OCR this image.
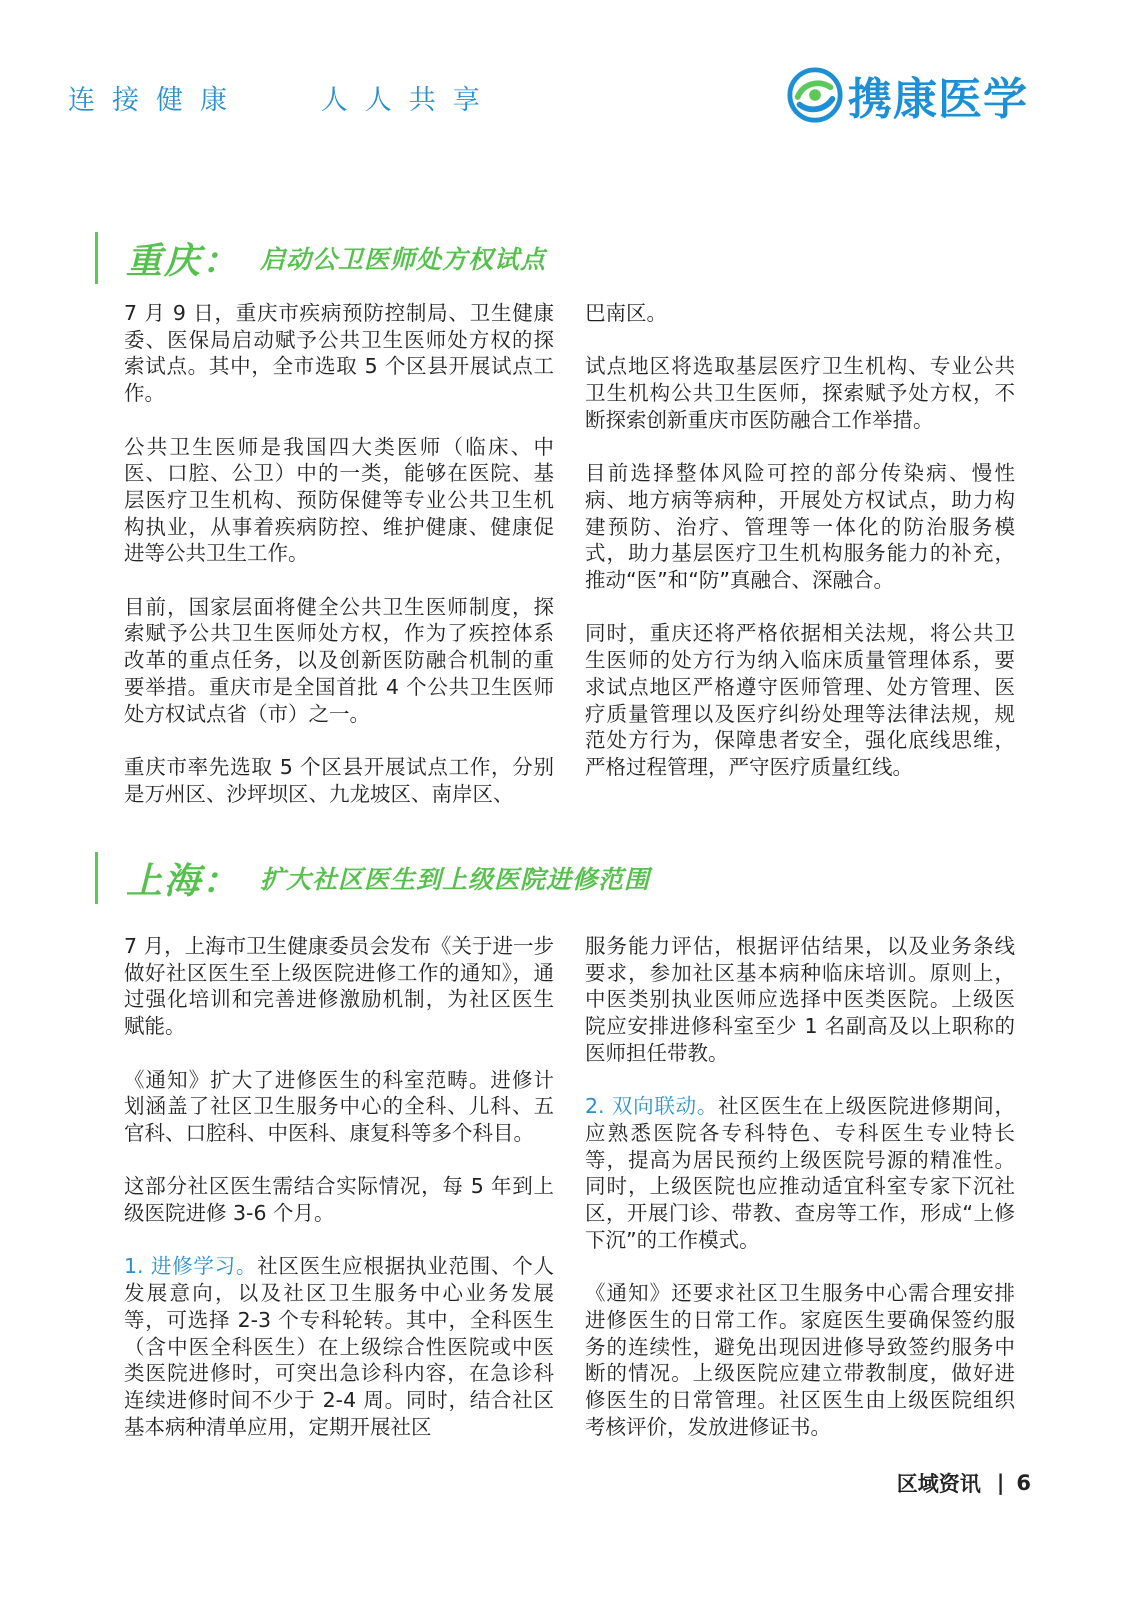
连接健康   人人共享	携康医学
重庆 ： 启动公卫医师处方权试点

7 月 9 日，重庆市疾病预防控制局、卫生健康委、医保局启动赋予公共卫生医师处方权的探索试点。其中，全市选取 5 个区县开展试点工作。

公共卫生医师是我国四大类医师（临床、中医、口腔、公卫）中的一类，能够在医院、基层医疗卫生机构、预防保健等专业公共卫生机构执业，从事着疾病防控、维护健康、健康促进等公共卫生工作。

目前，国家层面将健全公共卫生医师制度，探索赋予公共卫生医师处方权，作为了疾控体系改革的重点任务，以及创新医防融合机制的重要举措。重庆市是全国首批 4 个公共卫生医师处方权试点省（市）之一。

重庆市率先选取 5 个区县开展试点工作，分别是万州区、沙坪坝区、九龙坡区、南岸区、

巴南区。

试点地区将选取基层医疗卫生机构、专业公共卫生机构公共卫生医师，探索赋予处方权，不断探索创新重庆市医防融合工作举措。

目前选择整体风险可控的部分传染病、慢性病、地方病等病种，开展处方权试点，助力构建预防、治疗、管理等一体化的防治服务模式，助力基层医疗卫生机构服务能力的补充，推动“医”和“防”真融合、深融合。

同时，重庆还将严格依据相关法规，将公共卫生医师的处方行为纳入临床质量管理体系，要求试点地区严格遵守医师管理、处方管理、医疗质量管理以及医疗纠纷处理等法律法规，规范处方行为，保障患者安全，强化底线思维，严格过程管理，严守医疗质量红线。

上海 ： 扩大社区医生到上级医院进修范围

7 月，上海市卫生健康委员会发布《关于进一步做好社区医生至上级医院进修工作的通知》，通过强化培训和完善进修激励机制，为社区医生赋能。

《通知》扩大了进修医生的科室范畴。进修计划涵盖了社区卫生服务中心的全科、儿科、五官科、口腔科、中医科、康复科等多个科目。

这部分社区医生需结合实际情况，每 5 年到上级医院进修 3-6 个月。

1. 进修学习。社区医生应根据执业范围、个人发展意向，以及社区卫生服务中心业务发展等，可选择 2-3 个专科轮转。其中，全科医生（含中医全科医生）在上级综合性医院或中医类医院进修时，可突出急诊科内容，在急诊科连续进修时间不少于 2-4 周。同时，结合社区基本病种清单应用，定期开展社区

服务能力评估，根据评估结果，以及业务条线要求，参加社区基本病种临床培训。原则上，中医类别执业医师应选择中医类医院。上级医院应安排进修科室至少 1 名副高及以上职称的医师担任带教。

2. 双向联动。社区医生在上级医院进修期间，应熟悉医院各专科特色、专科医生专业特长等，提高为居民预约上级医院号源的精准性。同时，上级医院也应推动适宜科室专家下沉社区，开展门诊、带教、查房等工作，形成“上修下沉”的工作模式。

《通知》还要求社区卫生服务中心需合理安排进修医生的日常工作。家庭医生要确保签约服务的连续性，避免出现因进修导致签约服务中断的情况。上级医院应建立带教制度，做好进修医生的日常管理。社区医生由上级医院组织考核评价，发放进修证书。

区域资讯 | 6
